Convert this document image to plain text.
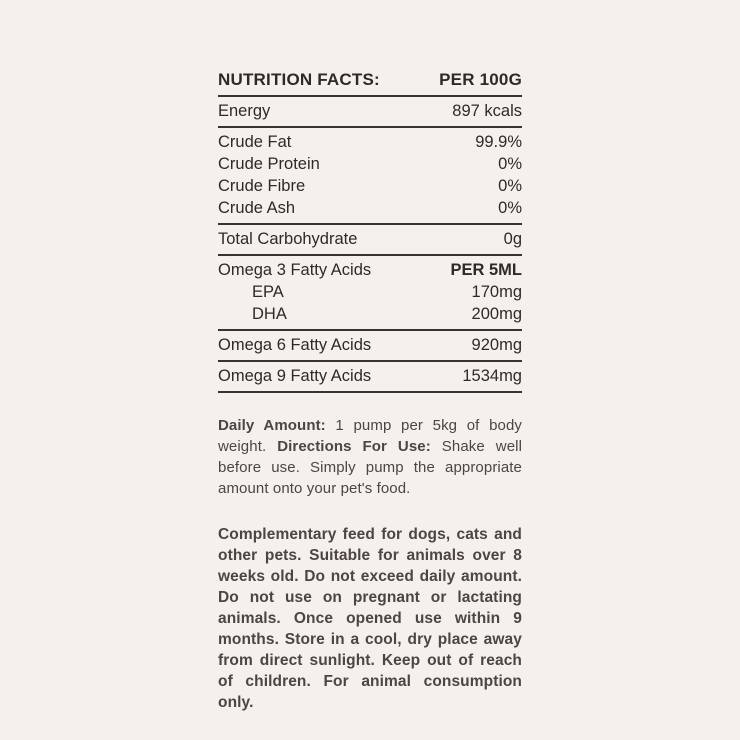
NUTRITION FACTS:	PER 100G
Energy	897 kcals
Crude Fat	99.9%
Crude Protein	0%
Crude Fibre	0%
Crude Ash	0%
Total Carbohydrate	0g
Omega 3 Fatty Acids	PER 5ML
EPA	170mg
DHA	200mg
Omega 6 Fatty Acids	920mg
Omega 9 Fatty Acids	1534mg

Daily Amount: 1 pump per 5kg of body weight. Directions For Use: Shake well before use. Simply pump the appropriate amount onto your pet's food.

Complementary feed for dogs, cats and other pets. Suitable for animals over 8 weeks old. Do not exceed daily amount. Do not use on pregnant or lactating animals. Once opened use within 9 months. Store in a cool, dry place away from direct sunlight. Keep out of reach of children. For animal consumption only.
